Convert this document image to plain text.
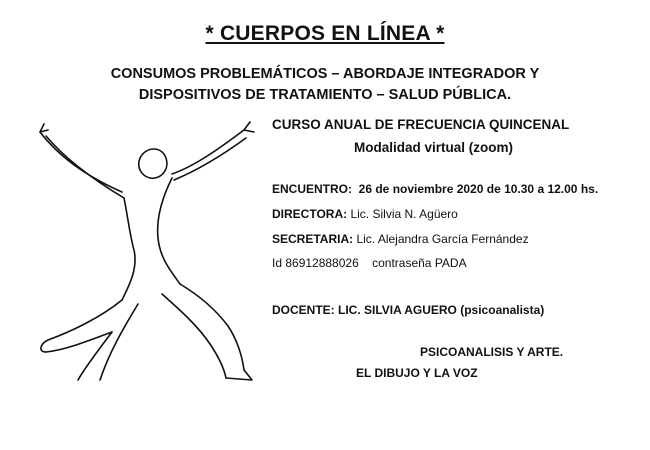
* CUERPOS EN LÍNEA *
CONSUMOS PROBLEMÁTICOS – ABORDAJE INTEGRADOR Y
DISPOSITIVOS DE TRATAMIENTO – SALUD PÚBLICA.
CURSO ANUAL DE FRECUENCIA QUINCENAL
Modalidad virtual (zoom)
ENCUENTRO: 26 de noviembre 2020 de 10.30 a 12.00 hs.
DIRECTORA: Lic. Silvia N. Agüero
SECRETARIA: Lic. Alejandra García Fernández
Id 86912888026 contraseña PADA
DOCENTE: LIC. SILVIA AGUERO (psicoanalista)
PSICOANALISIS Y ARTE.
EL DIBUJO Y LA VOZ
